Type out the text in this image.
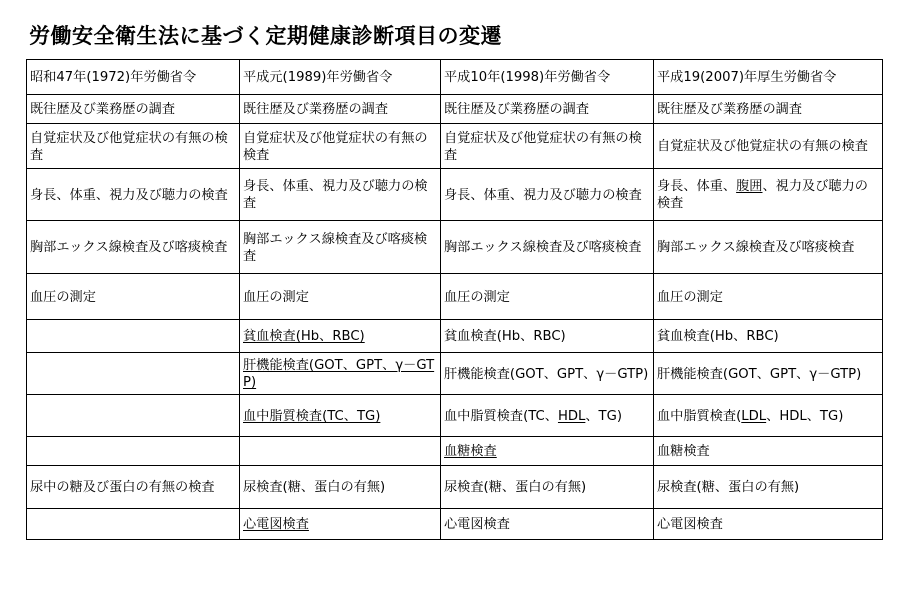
労働安全衛生法に基づく定期健康診断項目の変遷
昭和47年(1972)年労働省令	平成元(1989)年労働省令	平成10年(1998)年労働省令	平成19(2007)年厚生労働省令
既往歴及び業務歴の調査	既往歴及び業務歴の調査	既往歴及び業務歴の調査	既往歴及び業務歴の調査
自覚症状及び他覚症状の有無の検査	自覚症状及び他覚症状の有無の検査	自覚症状及び他覚症状の有無の検査	自覚症状及び他覚症状の有無の検査
身長、体重、視力及び聴力の検査	身長、体重、視力及び聴力の検査	身長、体重、視力及び聴力の検査	身長、体重、腹囲、視力及び聴力の検査
胸部エックス線検査及び喀痰検査	胸部エックス線検査及び喀痰検査	胸部エックス線検査及び喀痰検査	胸部エックス線検査及び喀痰検査
血圧の測定	血圧の測定	血圧の測定	血圧の測定
	貧血検査(Hb、RBC)	貧血検査(Hb、RBC)	貧血検査(Hb、RBC)
	肝機能検査(GOT、GPT、γ－GTP)	肝機能検査(GOT、GPT、γ－GTP)	肝機能検査(GOT、GPT、γ－GTP)
	血中脂質検査(TC、TG)	血中脂質検査(TC、HDL、TG)	血中脂質検査(LDL、HDL、TG)
		血糖検査	血糖検査
尿中の糖及び蛋白の有無の検査	尿検査(糖、蛋白の有無)	尿検査(糖、蛋白の有無)	尿検査(糖、蛋白の有無)
	心電図検査	心電図検査	心電図検査
